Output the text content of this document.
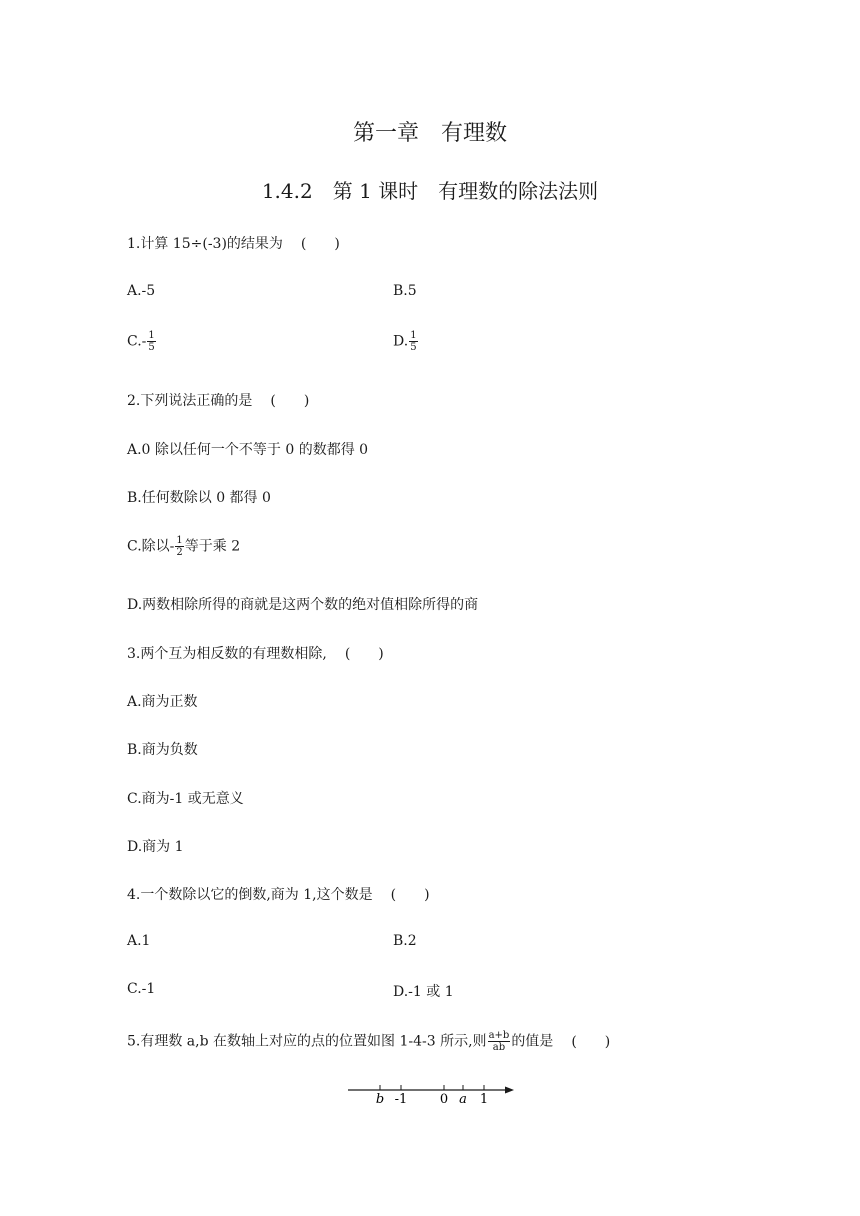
第一章　有理数
1.4.2　第 1 课时　有理数的除法法则
1.计算 15÷(-3)的结果为 (　　)
A.-5	B.5
$C.- \frac{1}{5}$	D. $\frac{1}{5}$
2.下列说法正确的是 (　　)
A.0 除以任何一个不等于 0 的数都得 0
B.任何数除以 0 都得 0
C.除以- $\frac{1}{2}$ 等于乘 2
D.两数相除所得的商就是这两个数的绝对值相除所得的商
3.两个互为相反数的有理数相除, (　　)
A.商为正数
B.商为负数
C.商为-1 或无意义
D.商为 1
4.一个数除以它的倒数,商为 1,这个数是 (　　)
A.1	B.2
C.-1	D.-1 或 1
5.有理数 a,b 在数轴上对应的点的位置如图 1-4-3 所示,则 $\frac{a+b}{ab}$ 的值是 (　　)
b -1	0 a 1
